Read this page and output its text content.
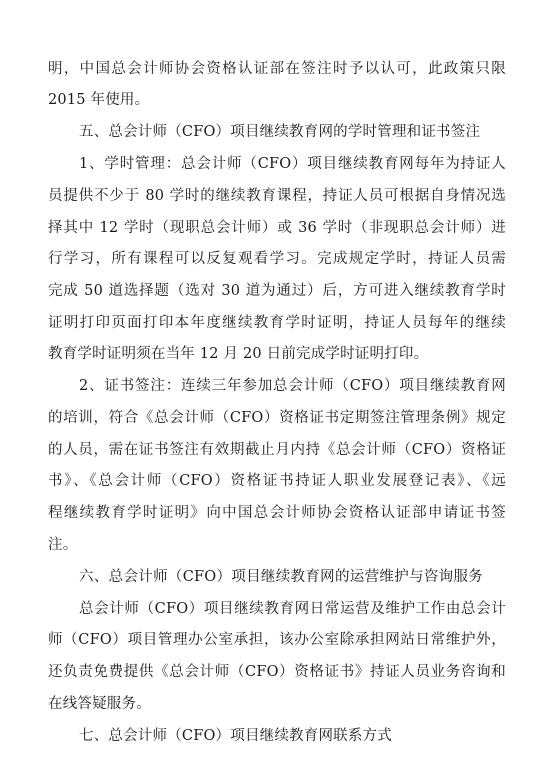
明，中国总会计师协会资格认证部在签注时予以认可，此政策只限
2015 年使用。
五、总会计师（CFO）项目继续教育网的学时管理和证书签注
1、学时管理：总会计师（CFO）项目继续教育网每年为持证人
员提供不少于 80 学时的继续教育课程，持证人员可根据自身情况选
择其中 12 学时（现职总会计师）或 36 学时（非现职总会计师）进
行学习，所有课程可以反复观看学习。完成规定学时，持证人员需
完成 50 道选择题（选对 30 道为通过）后，方可进入继续教育学时
证明打印页面打印本年度继续教育学时证明，持证人员每年的继续
教育学时证明须在当年 12 月 20 日前完成学时证明打印。
2、证书签注：连续三年参加总会计师（CFO）项目继续教育网
的培训，符合《总会计师（CFO）资格证书定期签注管理条例》规定
的人员，需在证书签注有效期截止月内持《总会计师（CFO）资格证
书》、《总会计师（CFO）资格证书持证人职业发展登记表》、《远
程继续教育学时证明》向中国总会计师协会资格认证部申请证书签
注。
六、总会计师（CFO）项目继续教育网的运营维护与咨询服务
总会计师（CFO）项目继续教育网日常运营及维护工作由总会计
师（CFO）项目管理办公室承担，该办公室除承担网站日常维护外，
还负责免费提供《总会计师（CFO）资格证书》持证人员业务咨询和
在线答疑服务。
七、总会计师（CFO）项目继续教育网联系方式
